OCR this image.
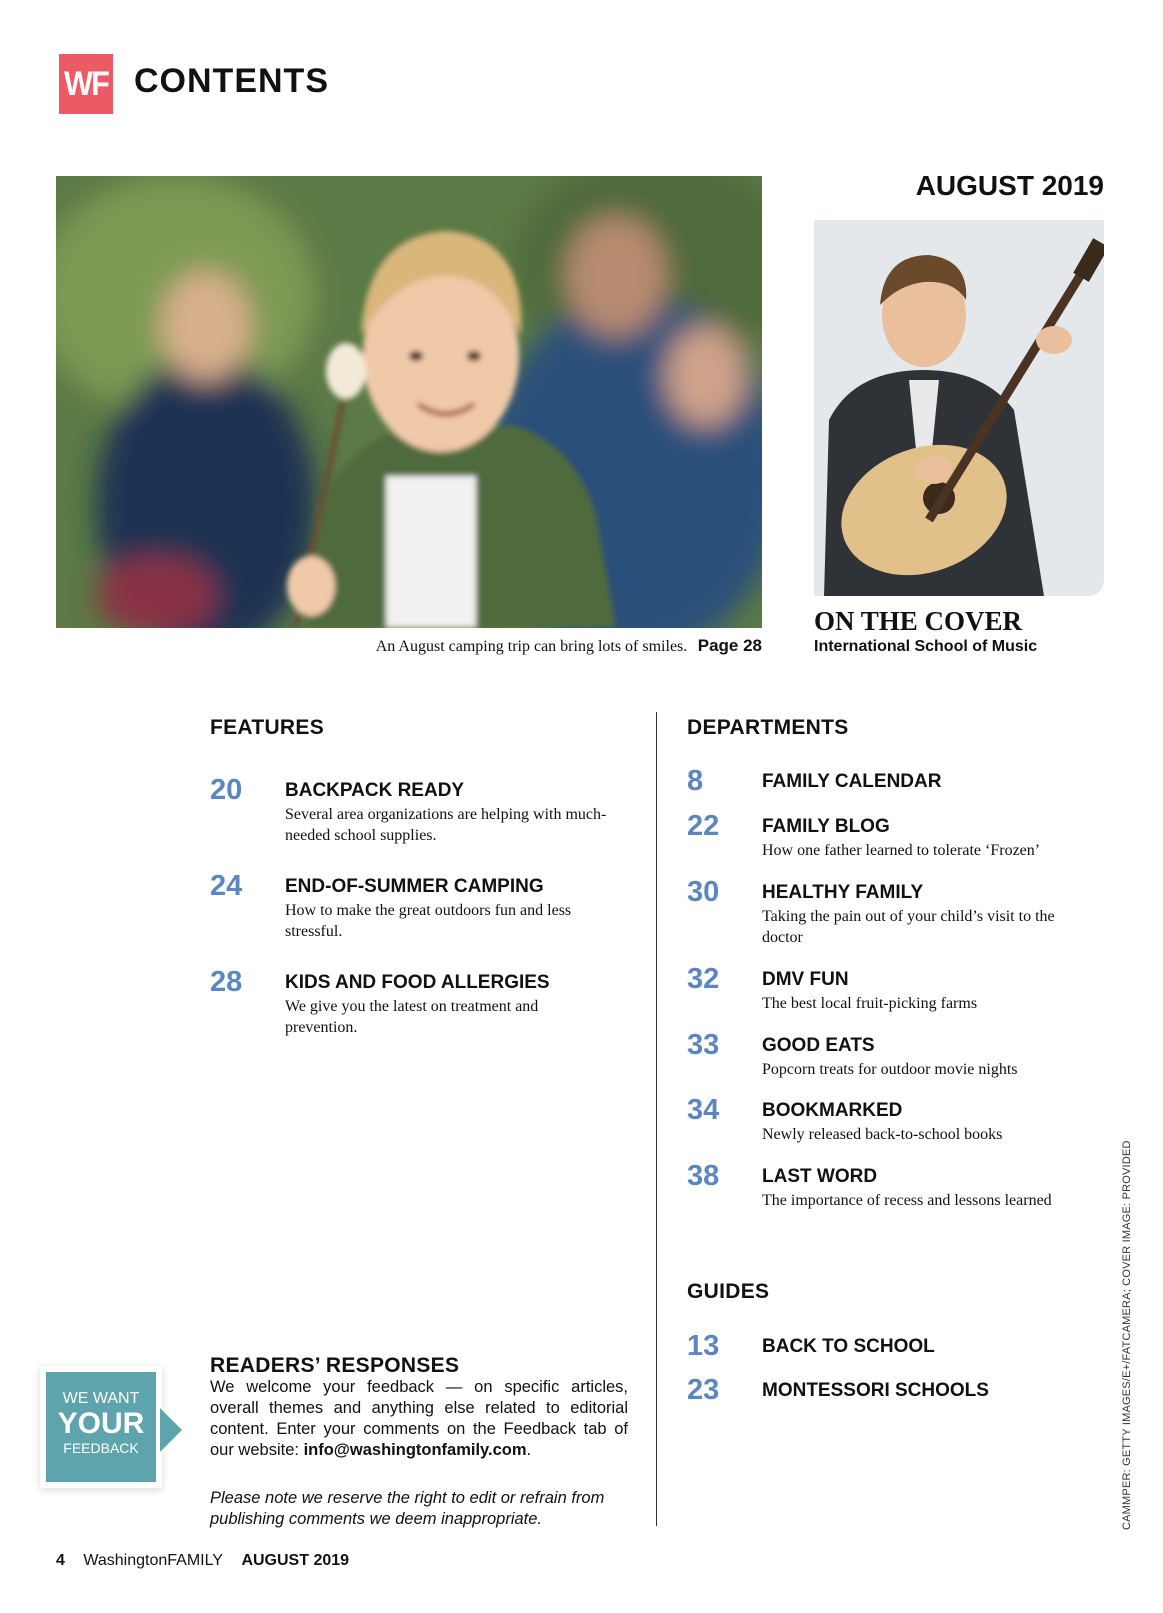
WF CONTENTS
An August camping trip can bring lots of smiles. Page 28
AUGUST 2019
ON THE COVER
International School of Music
FEATURES
20 BACKPACK READY
Several area organizations are helping with much-needed school supplies.
24 END-OF-SUMMER CAMPING
How to make the great outdoors fun and less stressful.
28 KIDS AND FOOD ALLERGIES
We give you the latest on treatment and prevention.
DEPARTMENTS
8	FAMILY CALENDAR
22 FAMILY BLOG
How one father learned to tolerate ‘Frozen’
30 HEALTHY FAMILY
Taking the pain out of your child’s visit to the doctor
32 DMV FUN
The best local fruit-picking farms
33 GOOD EATS
Popcorn treats for outdoor movie nights
34 BOOKMARKED
Newly released back-to-school books
38 LAST WORD
The importance of recess and lessons learned
GUIDES
13 BACK TO SCHOOL
23 MONTESSORI SCHOOLS
READERS’ RESPONSES
We welcome your feedback — on specific articles, overall themes and anything else related to editorial content. Enter your comments on the Feedback tab of our website: info@washingtonfamily.com.
Please note we reserve the right to edit or refrain from publishing comments we deem inappropriate.
WE WANT
YOUR
FEEDBACK
4 WashingtonFAMILY AUGUST 2019
CAMMPER: GETTY IMAGES/E+/FATCAMERA; COVER IMAGE: PROVIDED
